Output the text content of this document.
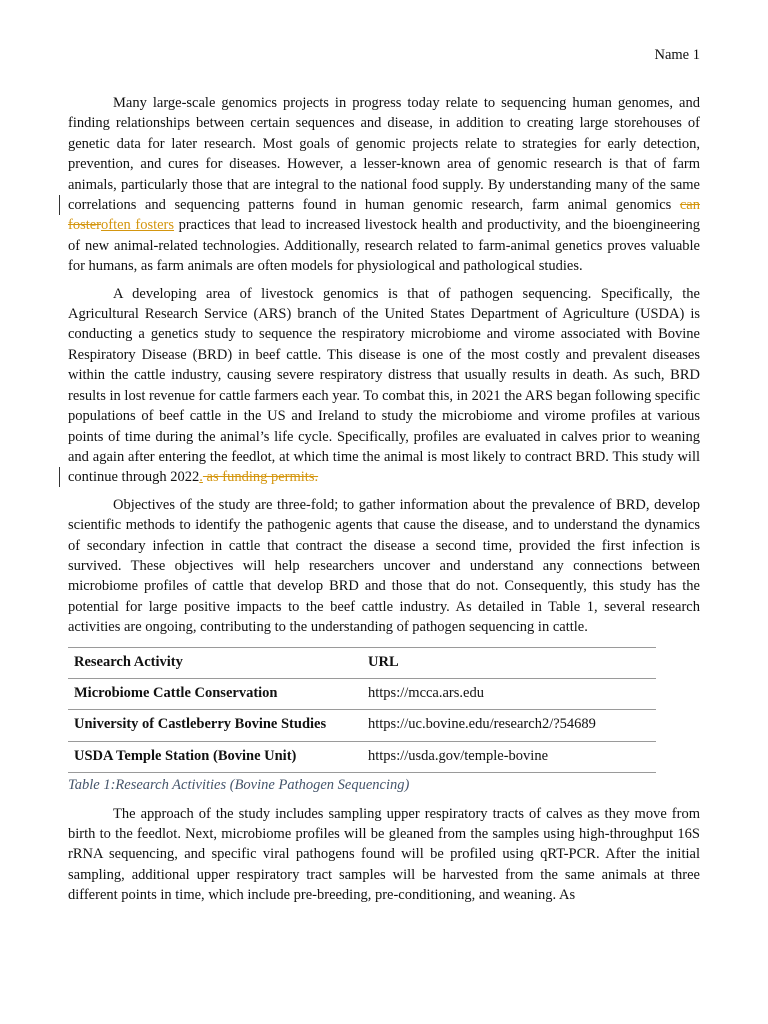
Name 1

Many large-scale genomics projects in progress today relate to sequencing human genomes, and finding relationships between certain sequences and disease, in addition to creating large storehouses of genetic data for later research. Most goals of genomic projects relate to strategies for early detection, prevention, and cures for diseases. However, a lesser-known area of genomic research is that of farm animals, particularly those that are integral to the national food supply. By understanding many of the same correlations and sequencing patterns found in human genomic research, farm animal genomics can fosteroften fosters practices that lead to increased livestock health and productivity, and the bioengineering of new animal-related technologies. Additionally, research related to farm-animal genetics proves valuable for humans, as farm animals are often models for physiological and pathological studies.

A developing area of livestock genomics is that of pathogen sequencing. Specifically, the Agricultural Research Service (ARS) branch of the United States Department of Agriculture (USDA) is conducting a genetics study to sequence the respiratory microbiome and virome associated with Bovine Respiratory Disease (BRD) in beef cattle. This disease is one of the most costly and prevalent diseases within the cattle industry, causing severe respiratory distress that usually results in death. As such, BRD results in lost revenue for cattle farmers each year. To combat this, in 2021 the ARS began following specific populations of beef cattle in the US and Ireland to study the microbiome and virome profiles at various points of time during the animal’s life cycle. Specifically, profiles are evaluated in calves prior to weaning and again after entering the feedlot, at which time the animal is most likely to contract BRD. This study will continue through 2022. as funding permits.

Objectives of the study are three-fold; to gather information about the prevalence of BRD, develop scientific methods to identify the pathogenic agents that cause the disease, and to understand the dynamics of secondary infection in cattle that contract the disease a second time, provided the first infection is survived. These objectives will help researchers uncover and understand any connections between microbiome profiles of cattle that develop BRD and those that do not. Consequently, this study has the potential for large positive impacts to the beef cattle industry. As detailed in Table 1, several research activities are ongoing, contributing to the understanding of pathogen sequencing in cattle.

Research Activity	URL
Microbiome Cattle Conservation	https://mcca.ars.edu
University of Castleberry Bovine Studies	https://uc.bovine.edu/research2/?54689
USDA Temple Station (Bovine Unit)	https://usda.gov/temple-bovine
Table 1:Research Activities (Bovine Pathogen Sequencing)

The approach of the study includes sampling upper respiratory tracts of calves as they move from birth to the feedlot. Next, microbiome profiles will be gleaned from the samples using high-throughput 16S rRNA sequencing, and specific viral pathogens found will be profiled using qRT-PCR. After the initial sampling, additional upper respiratory tract samples will be harvested from the same animals at three different points in time, which include pre-breeding, pre-conditioning, and weaning. As
